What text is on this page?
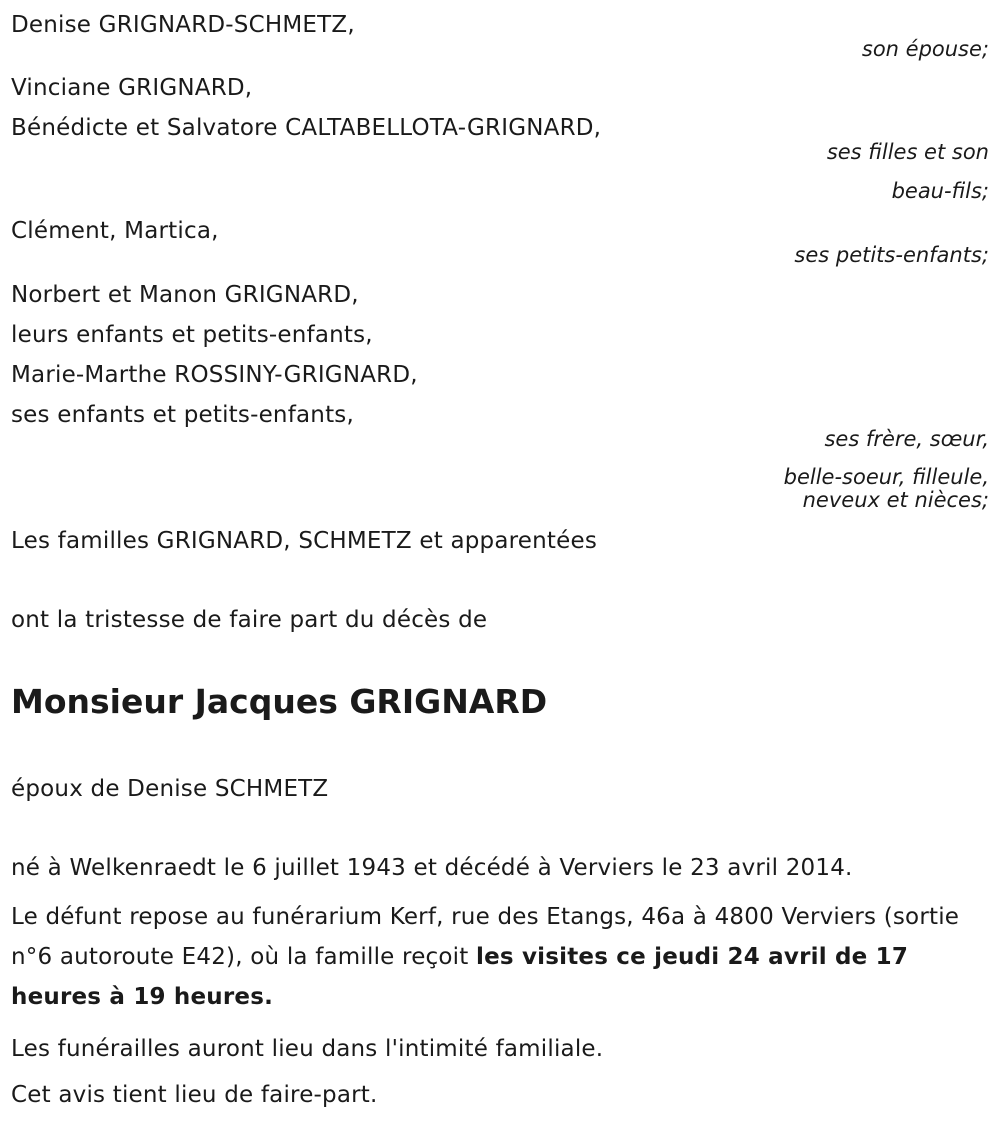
Denise GRIGNARD-SCHMETZ,
son épouse;
Vinciane GRIGNARD,
Bénédicte et Salvatore CALTABELLOTA-GRIGNARD,
ses filles et son
beau-fils;
Clément, Martica,
ses petits-enfants;
Norbert et Manon GRIGNARD,
leurs enfants et petits-enfants,
Marie-Marthe ROSSINY-GRIGNARD,
ses enfants et petits-enfants,
ses frère, sœur,
belle-soeur, filleule,
neveux et nièces;
Les familles GRIGNARD, SCHMETZ et apparentées
ont la tristesse de faire part du décès de
Monsieur Jacques GRIGNARD
époux de Denise SCHMETZ
né à Welkenraedt le 6 juillet 1943 et décédé à Verviers le 23 avril 2014.
Le défunt repose au funérarium Kerf, rue des Etangs, 46a à 4800 Verviers (sortie n°6 autoroute E42), où la famille reçoit les visites ce jeudi 24 avril de 17 heures à 19 heures.
Les funérailles auront lieu dans l'intimité familiale.
Cet avis tient lieu de faire-part.
